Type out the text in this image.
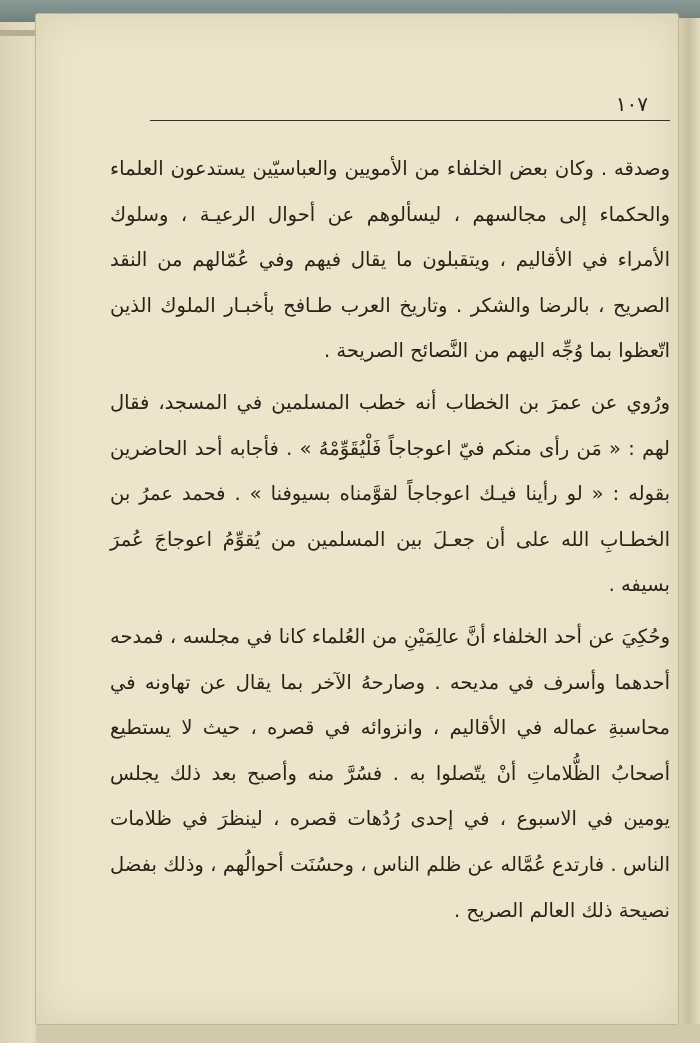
١٠٧

وصدقه . وكان بعض الخلفاء من الأمويين والعباسيّين يستدعون العلماء والحكماء إلى مجالسهم ، ليسألوهم عن أحوال الرعيـة ، وسلوك الأمراء في الأقاليم ، ويتقبلون ما يقال فيهم وفي عُمّالهم من النقد الصريح ، بالرضا والشكر . وتاريخ العرب طـافح بأخبـار الملوك الذين اتّعظوا بما وُجِّه اليهم من النَّصائح الصريحة .

ورُوي عن عمرَ بن الخطاب أنه خطب المسلمين في المسجد، فقال لهم : « مَن رأى منكم فيّ اعوجاجاً فَلْيُقَوِّمْهُ » . فأجابه أحد الحاضرين بقوله : « لو رأينا فيـك اعوجاجاً لقوَّمناه بسيوفنا » . فحمد عمرُ بن الخطـابِ الله على أن جعـلَ بين المسلمين من يُقوِّمُ اعوجاجَ عُمرَ بسيفه .

وحُكِيَ عن أحد الخلفاء أنَّ عالِمَيْنِ من العُلماء كانا في مجلسه ، فمدحه أحدهما وأسرف في مديحه . وصارحهُ الآخر بما يقال عن تهاونه في محاسبةِ عماله في الأقاليم ، وانزوائه في قصره ، حيث لا يستطيع أصحابُ الظُّلاماتِ أنْ يتّصلوا به . فسُرَّ منه وأصبح بعد ذلك يجلس يومين في الاسبوع ، في إحدى رُدُهات قصره ، لينظرَ في ظلامات الناس . فارتدع عُمَّاله عن ظلم الناس ، وحسُنَت أحوالُهم ، وذلك بفضل نصيحة ذلك العالم الصريح .
